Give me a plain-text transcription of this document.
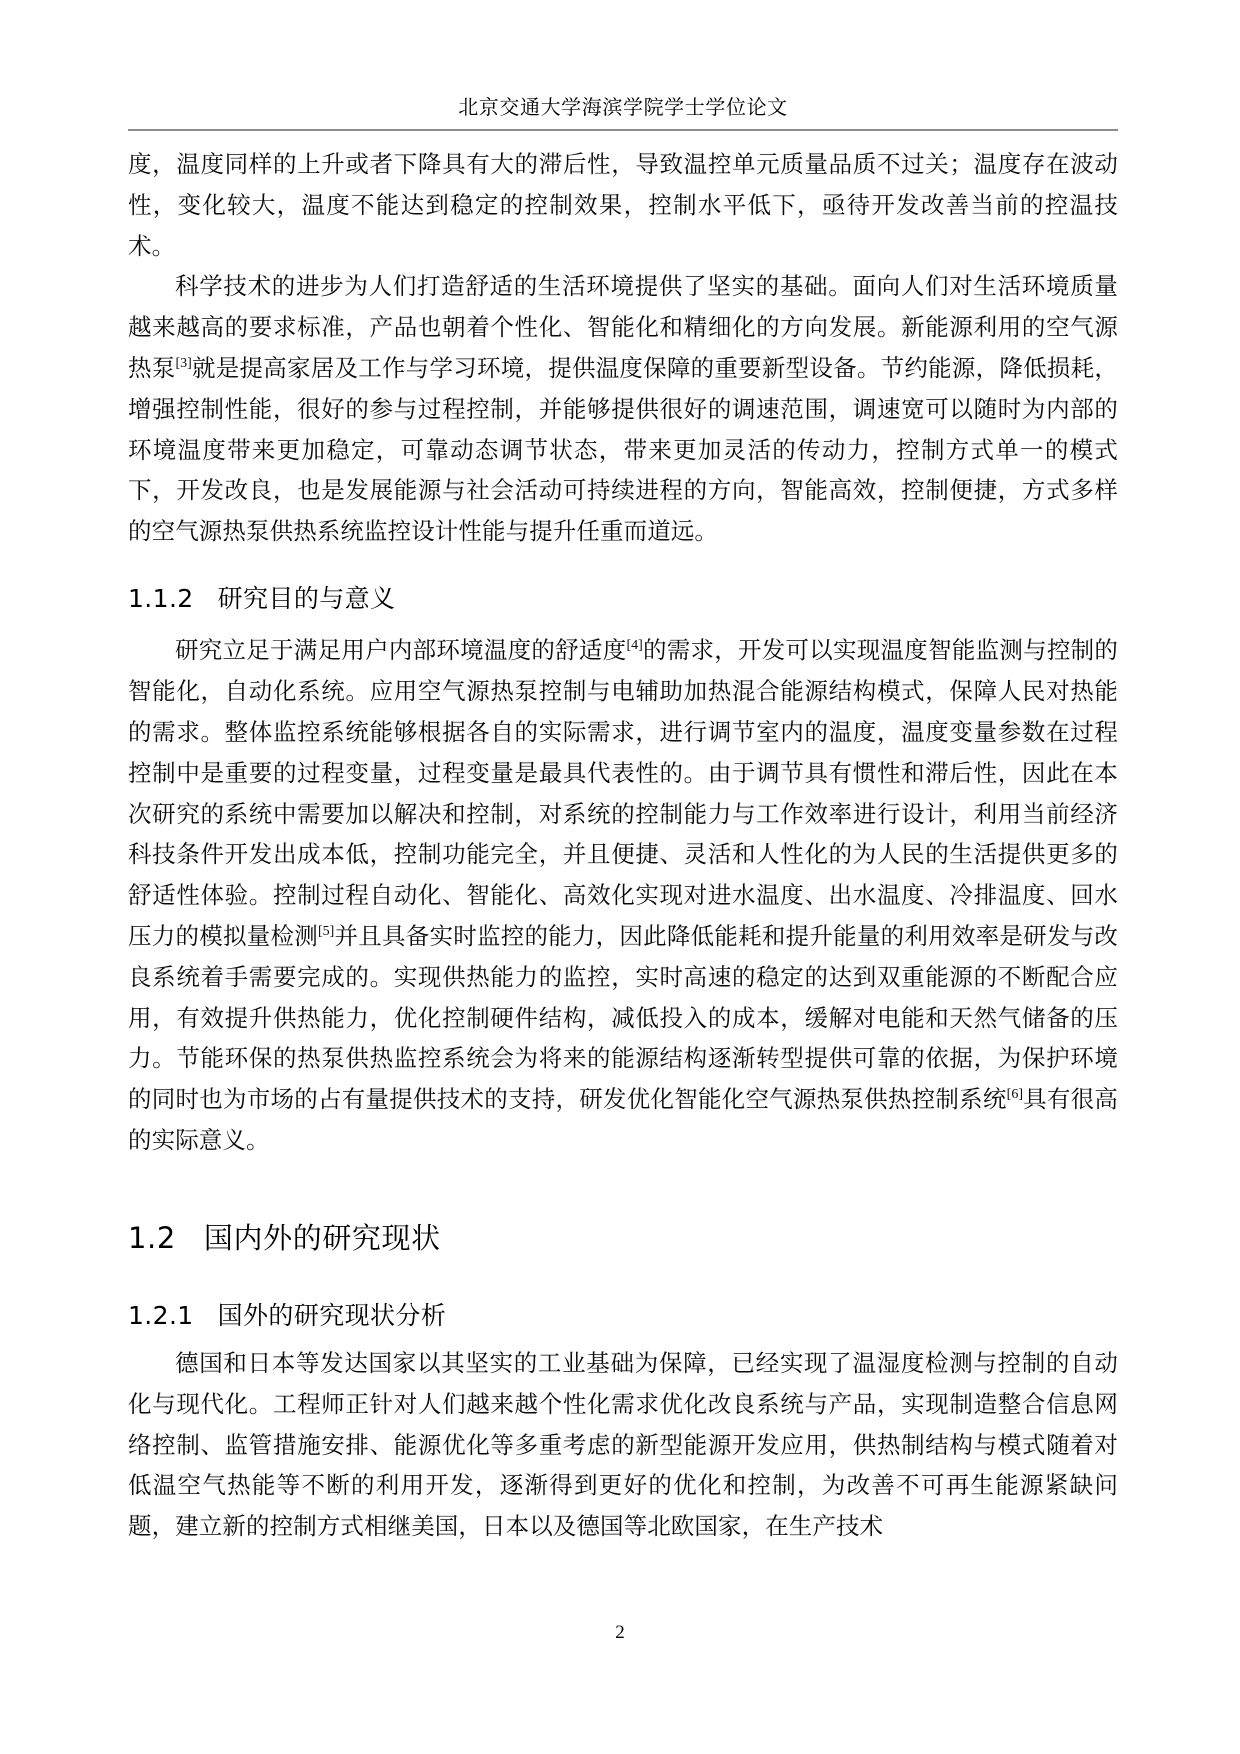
北京交通大学海滨学院学士学位论文

度，温度同样的上升或者下降具有大的滞后性，导致温控单元质量品质不过关；温度存在波动性，变化较大，温度不能达到稳定的控制效果，控制水平低下，亟待开发改善当前的控温技术。

科学技术的进步为人们打造舒适的生活环境提供了坚实的基础。面向人们对生活环境质量越来越高的要求标准，产品也朝着个性化、智能化和精细化的方向发展。新能源利用的空气源热泵[3]就是提高家居及工作与学习环境，提供温度保障的重要新型设备。节约能源，降低损耗，增强控制性能，很好的参与过程控制，并能够提供很好的调速范围，调速宽可以随时为内部的环境温度带来更加稳定，可靠动态调节状态，带来更加灵活的传动力，控制方式单一的模式下，开发改良，也是发展能源与社会活动可持续进程的方向，智能高效，控制便捷，方式多样的空气源热泵供热系统监控设计性能与提升任重而道远。

1.1.2 研究目的与意义

研究立足于满足用户内部环境温度的舒适度[4]的需求，开发可以实现温度智能监测与控制的智能化，自动化系统。应用空气源热泵控制与电辅助加热混合能源结构模式，保障人民对热能的需求。整体监控系统能够根据各自的实际需求，进行调节室内的温度，温度变量参数在过程控制中是重要的过程变量，过程变量是最具代表性的。由于调节具有惯性和滞后性，因此在本次研究的系统中需要加以解决和控制，对系统的控制能力与工作效率进行设计，利用当前经济科技条件开发出成本低，控制功能完全，并且便捷、灵活和人性化的为人民的生活提供更多的舒适性体验。控制过程自动化、智能化、高效化实现对进水温度、出水温度、冷排温度、回水压力的模拟量检测[5]并且具备实时监控的能力，因此降低能耗和提升能量的利用效率是研发与改良系统着手需要完成的。实现供热能力的监控，实时高速的稳定的达到双重能源的不断配合应用，有效提升供热能力，优化控制硬件结构，减低投入的成本，缓解对电能和天然气储备的压力。节能环保的热泵供热监控系统会为将来的能源结构逐渐转型提供可靠的依据，为保护环境的同时也为市场的占有量提供技术的支持，研发优化智能化空气源热泵供热控制系统[6]具有很高的实际意义。

1.2 国内外的研究现状
1.2.1 国外的研究现状分析

德国和日本等发达国家以其坚实的工业基础为保障，已经实现了温湿度检测与控制的自动化与现代化。工程师正针对人们越来越个性化需求优化改良系统与产品，实现制造整合信息网络控制、监管措施安排、能源优化等多重考虑的新型能源开发应用，供热制结构与模式随着对低温空气热能等不断的利用开发，逐渐得到更好的优化和控制，为改善不可再生能源紧缺问题，建立新的控制方式相继美国，日本以及德国等北欧国家，在生产技术

2
